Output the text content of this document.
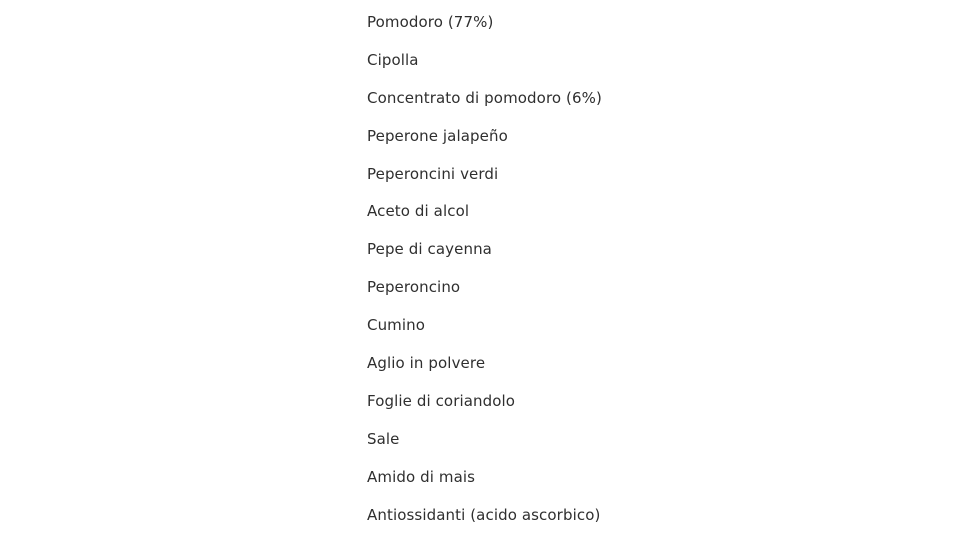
Pomodoro (77%)
Cipolla
Concentrato di pomodoro (6%)
Peperone jalapeño
Peperoncini verdi
Aceto di alcol
Pepe di cayenna
Peperoncino
Cumino
Aglio in polvere
Foglie di coriandolo
Sale
Amido di mais
Antiossidanti (acido ascorbico)
